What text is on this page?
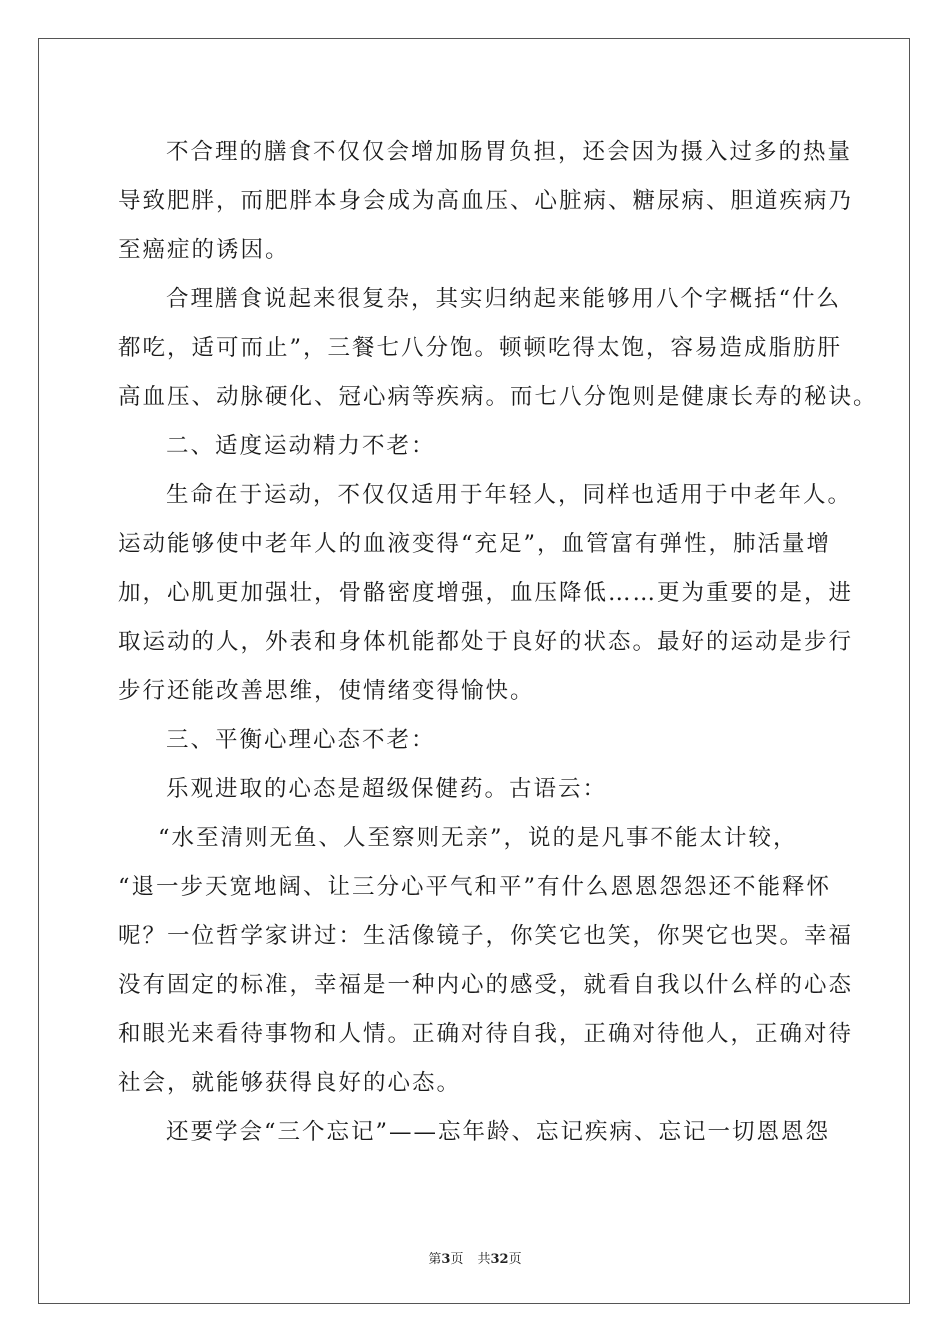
不合理的膳食不仅仅会增加肠胃负担，还会因为摄入过多的热量
导致肥胖，而肥胖本身会成为高血压、心脏病、糖尿病、胆道疾病乃
至癌症的诱因。
合理膳食说起来很复杂，其实归纳起来能够用八个字概括“什么
都吃，适可而止”，三餐七八分饱。顿顿吃得太饱，容易造成脂肪肝
高血压、动脉硬化、冠心病等疾病。而七八分饱则是健康长寿的秘诀。
二、适度运动精力不老：
生命在于运动，不仅仅适用于年轻人，同样也适用于中老年人。
运动能够使中老年人的血液变得“充足”，血管富有弹性，肺活量增
加，心肌更加强壮，骨骼密度增强，血压降低……更为重要的是，进
取运动的人，外表和身体机能都处于良好的状态。最好的运动是步行
步行还能改善思维，使情绪变得愉快。
三、平衡心理心态不老：
乐观进取的心态是超级保健药。古语云：
“水至清则无鱼、人至察则无亲”，说的是凡事不能太计较，
“退一步天宽地阔、让三分心平气和平”有什么恩恩怨怨还不能释怀
呢？一位哲学家讲过：生活像镜子，你笑它也笑，你哭它也哭。幸福
没有固定的标准，幸福是一种内心的感受，就看自我以什么样的心态
和眼光来看待事物和人情。正确对待自我，正确对待他人，正确对待
社会，就能够获得良好的心态。
还要学会“三个忘记”——忘年龄、忘记疾病、忘记一切恩恩怨
第3页 共32页
